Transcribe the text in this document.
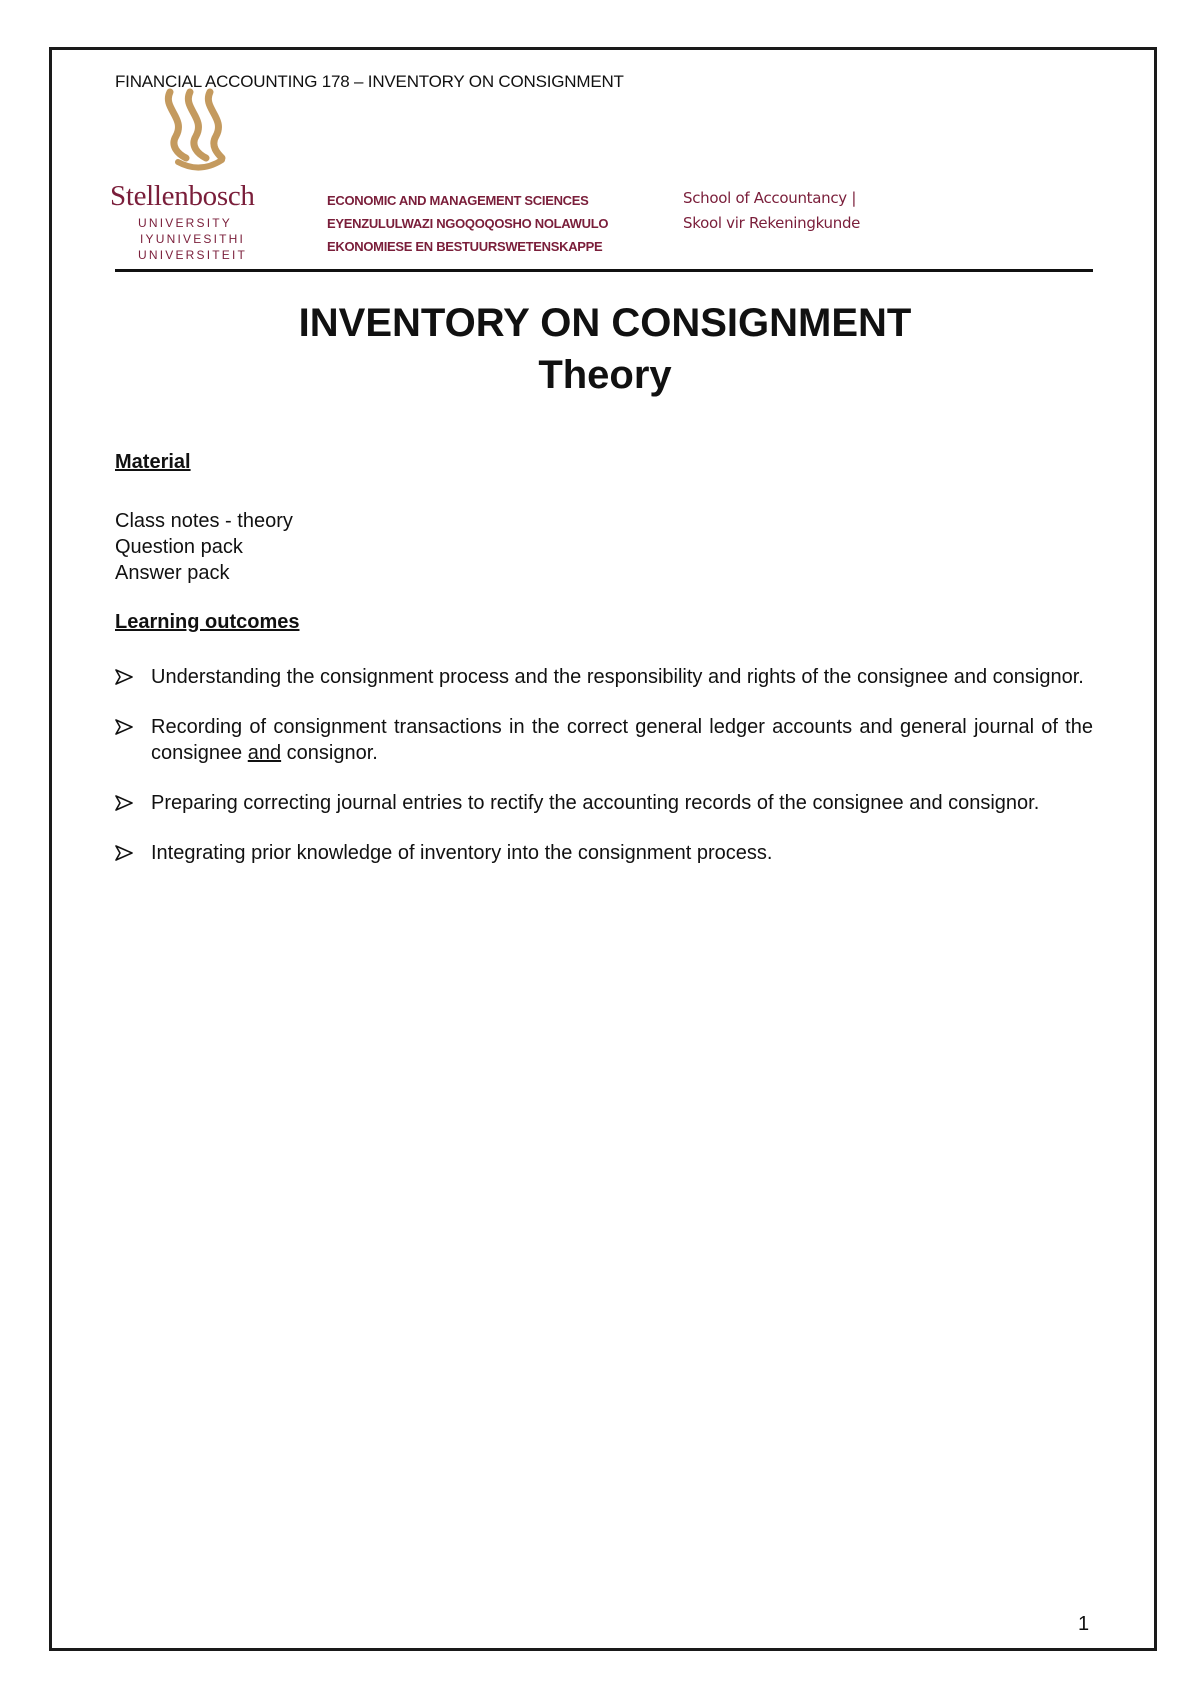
FINANCIAL ACCOUNTING 178 – INVENTORY ON CONSIGNMENT
Stellenbosch
UNIVERSITY
IYUNIVESITHI
UNIVERSITEIT
ECONOMIC AND MANAGEMENT SCIENCES
EYENZULULWAZI NGOQOQOSHO NOLAWULO
EKONOMIESE EN BESTUURSWETENSKAPPE
School of Accountancy |
Skool vir Rekeningkunde
INVENTORY ON CONSIGNMENT
Theory
Material
Class notes - theory
Question pack
Answer pack
Learning outcomes
Understanding the consignment process and the responsibility and rights of the consignee and consignor.
Recording of consignment transactions in the correct general ledger accounts and general journal of the consignee and consignor.
Preparing correcting journal entries to rectify the accounting records of the consignee and consignor.
Integrating prior knowledge of inventory into the consignment process.
1
